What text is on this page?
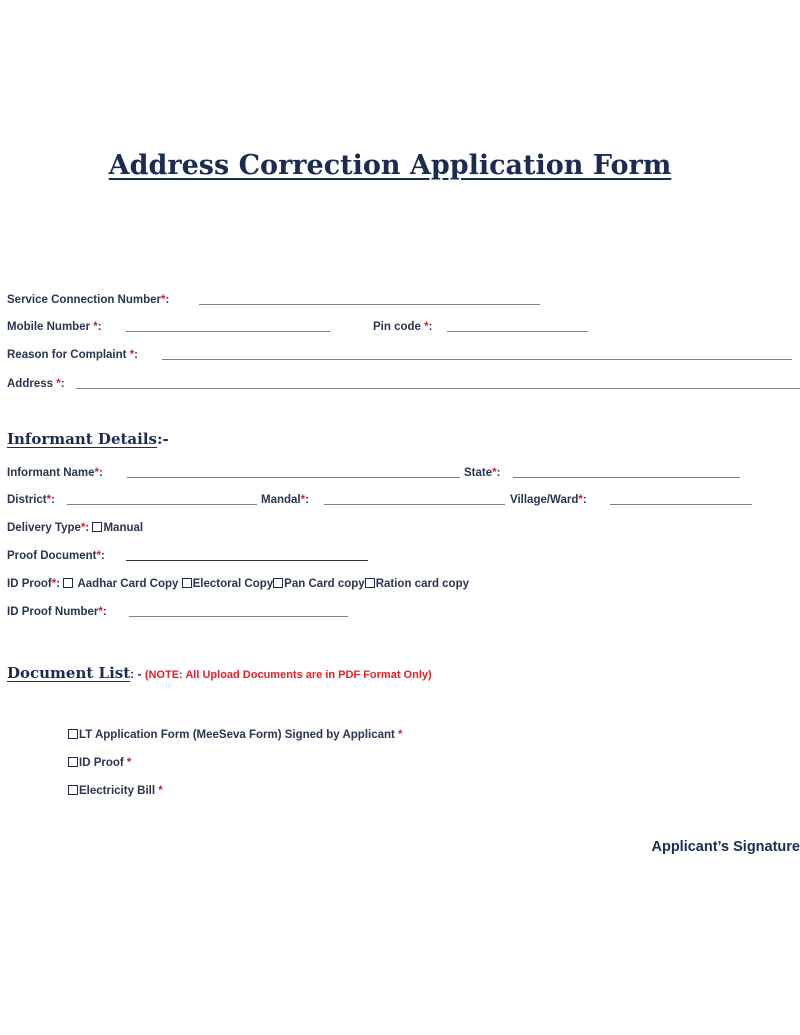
Address Correction Application Form
Service Connection Number*:
Mobile Number *:	Pin code *:
Reason for Complaint *:
Address *:
Informant Details:-
Informant Name*:	State*:
District*:	Mandal*:	Village/Ward*:
Delivery Type*: Manual
Proof Document*:
ID Proof*: Aadhar Card Copy Electoral Copy Pan Card copy Ration card copy
ID Proof Number*:
Document List: - (NOTE: All Upload Documents are in PDF Format Only)
LT Application Form (MeeSeva Form) Signed by Applicant *
ID Proof *
Electricity Bill *
Applicant’s Signature
